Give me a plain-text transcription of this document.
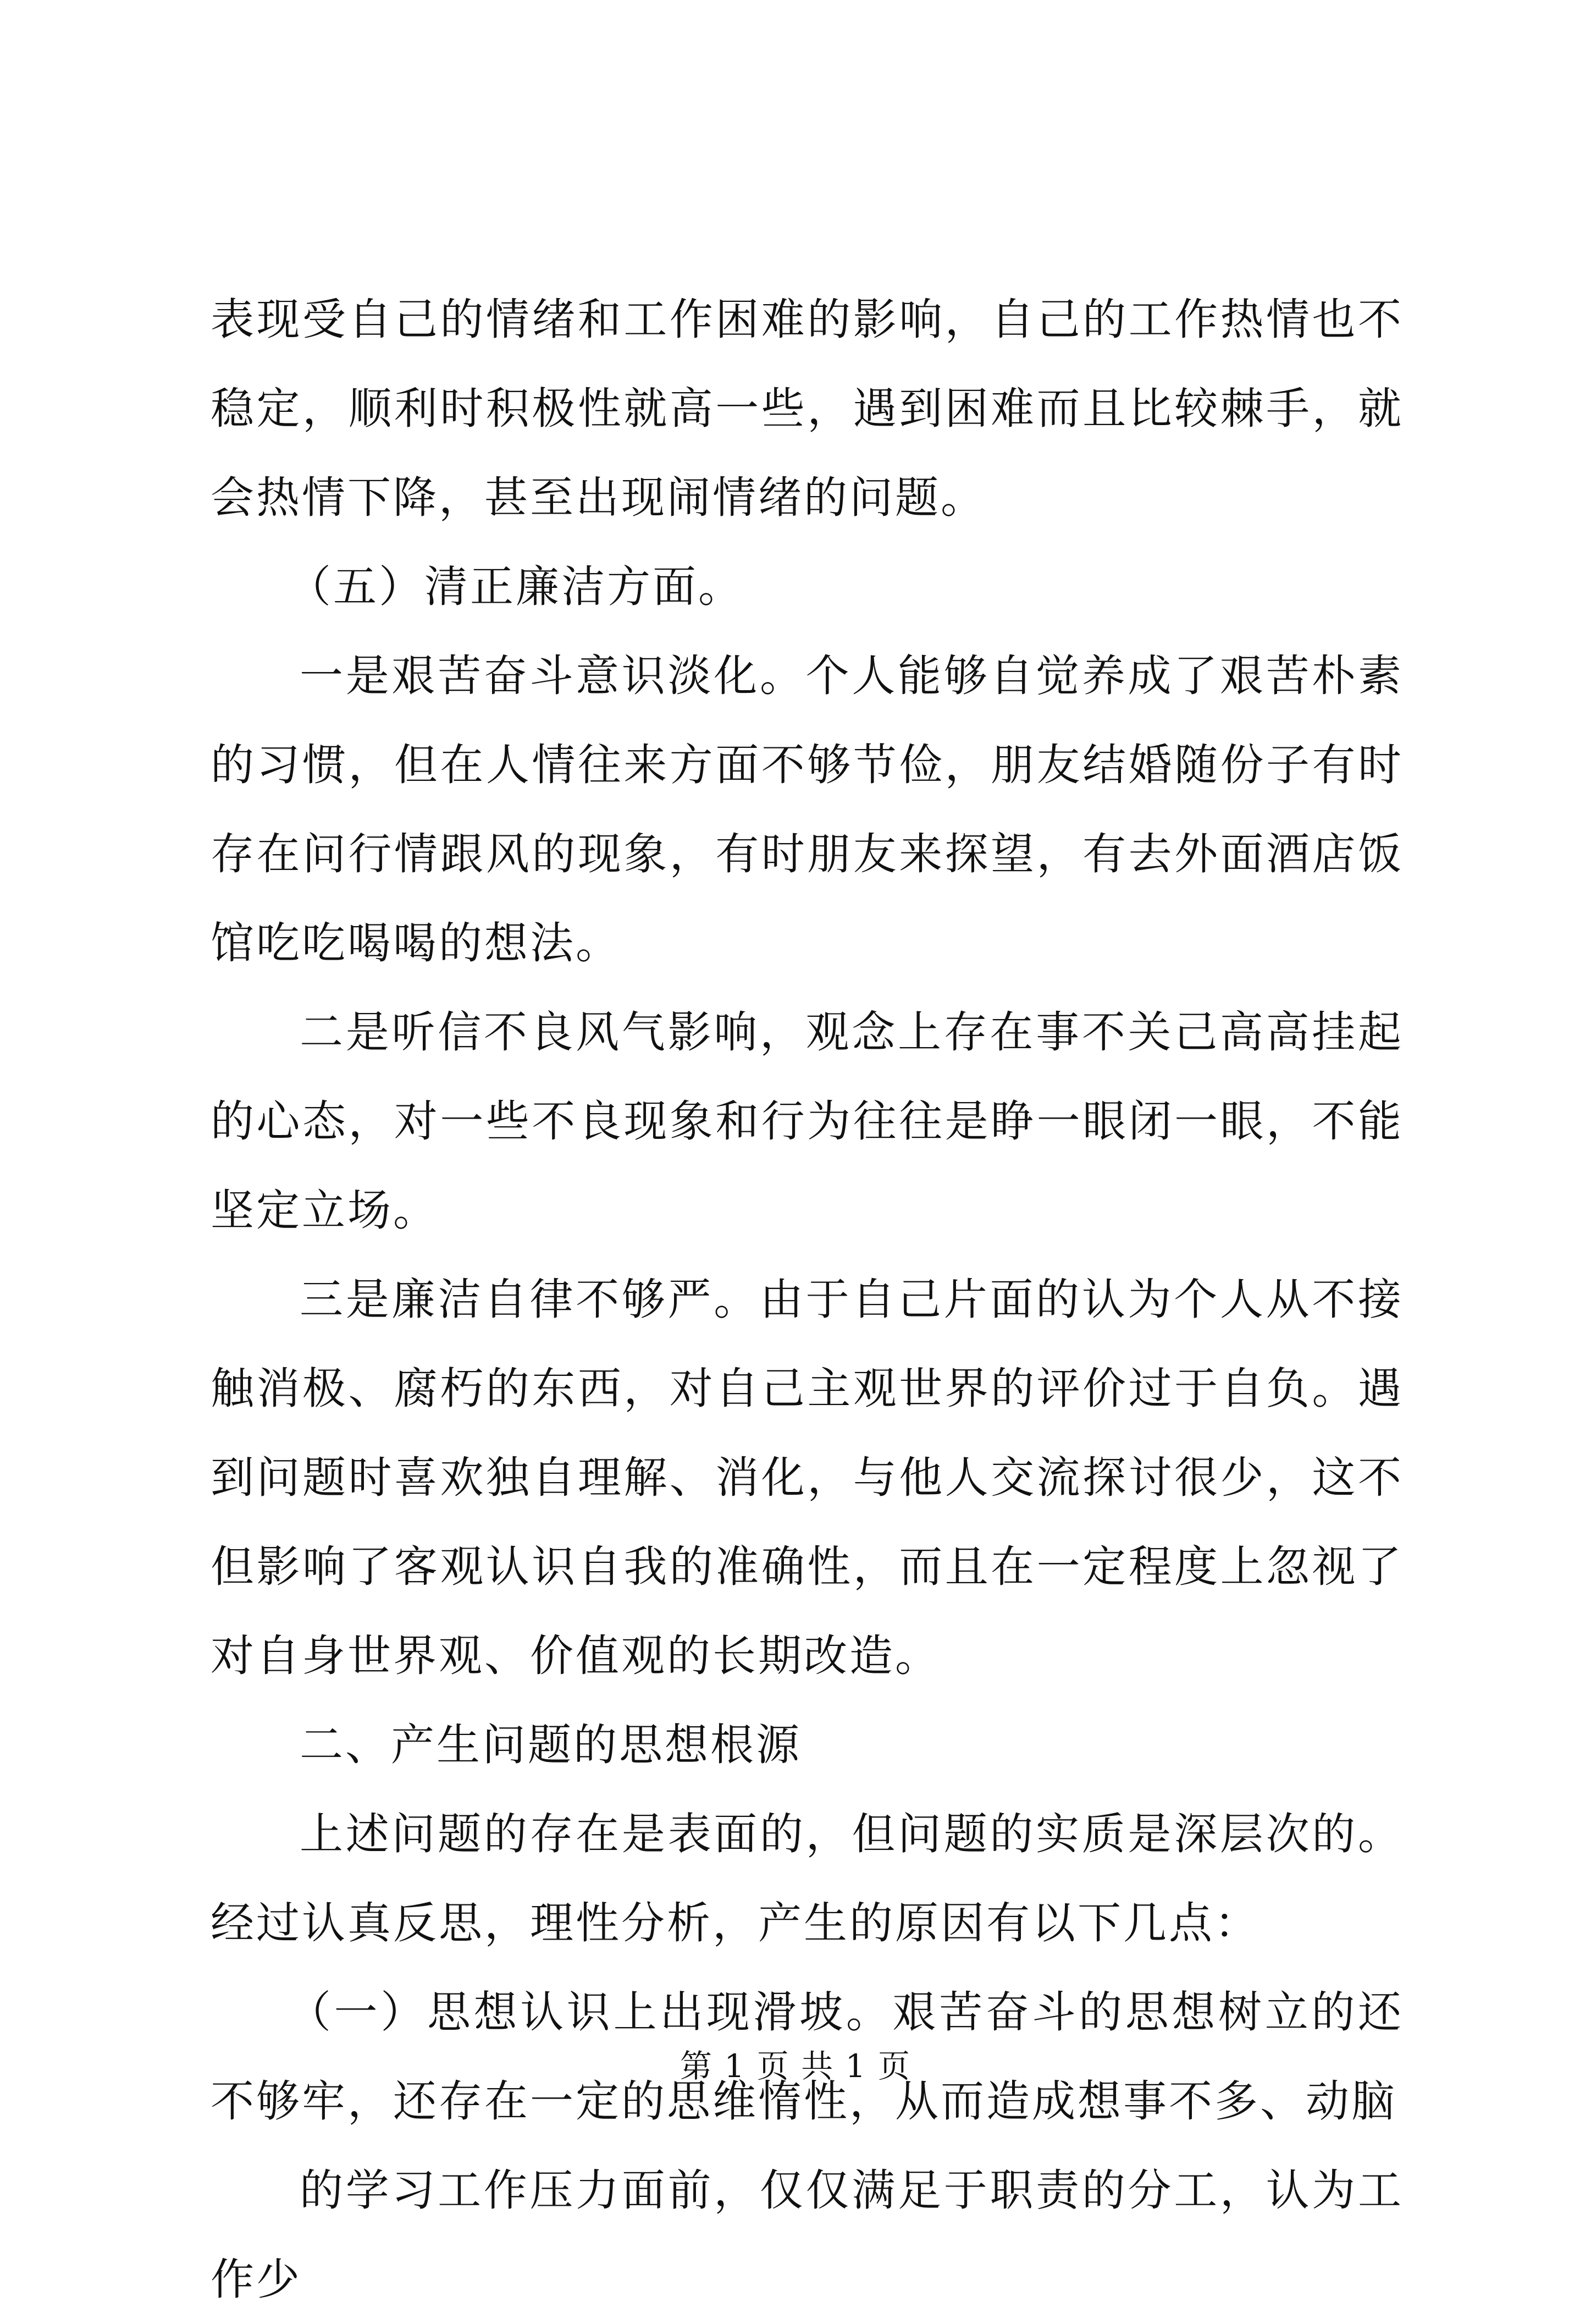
表现受自己的情绪和工作困难的影响，自己的工作热情也不稳定，顺利时积极性就高一些，遇到困难而且比较棘手，就会热情下降，甚至出现闹情绪的问题。

（五）清正廉洁方面。

一是艰苦奋斗意识淡化。个人能够自觉养成了艰苦朴素的习惯，但在人情往来方面不够节俭，朋友结婚随份子有时存在问行情跟风的现象，有时朋友来探望，有去外面酒店饭馆吃吃喝喝的想法。

二是听信不良风气影响，观念上存在事不关己高高挂起的心态，对一些不良现象和行为往往是睁一眼闭一眼，不能坚定立场。

三是廉洁自律不够严。由于自己片面的认为个人从不接触消极、腐朽的东西，对自己主观世界的评价过于自负。遇到问题时喜欢独自理解、消化，与他人交流探讨很少，这不但影响了客观认识自我的准确性，而且在一定程度上忽视了对自身世界观、价值观的长期改造。

二、产生问题的思想根源

上述问题的存在是表面的，但问题的实质是深层次的。经过认真反思，理性分析，产生的原因有以下几点：

（一）思想认识上出现滑坡。艰苦奋斗的思想树立的还不够牢，还存在一定的思维惰性，从而造成想事不多、动脑

的学习工作压力面前，仅仅满足于职责的分工，认为工作少

第 1 页 共 1 页
